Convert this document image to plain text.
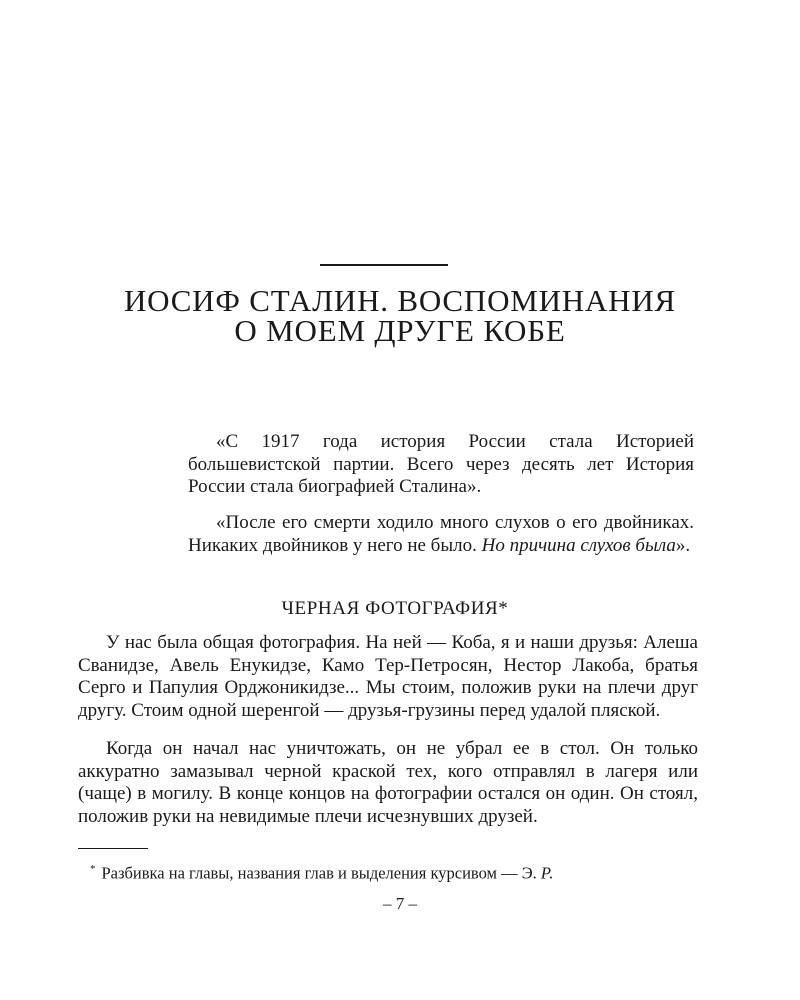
ИОСИФ СТАЛИН. ВОСПОМИНАНИЯ
О МОЕМ ДРУГЕ КОБЕ

«С 1917 года история России стала Историей большевистской партии. Всего через десять лет История России стала биографией Сталина».

«После его смерти ходило много слухов о его двойниках. Никаких двойников у него не было. Но причина слухов была».

ЧЕРНАЯ ФОТОГРАФИЯ*

У нас была общая фотография. На ней — Коба, я и наши друзья: Алеша Сванидзе, Авель Енукидзе, Камо Тер-Петросян, Нестор Лакоба, братья Серго и Папулия Орджоникидзе... Мы стоим, положив руки на плечи друг другу. Стоим одной шеренгой — друзья-грузины перед удалой пляской.

Когда он начал нас уничтожать, он не убрал ее в стол. Он только аккуратно замазывал черной краской тех, кого отправлял в лагеря или (чаще) в могилу. В конце концов на фотографии остался он один. Он стоял, положив руки на невидимые плечи исчезнувших друзей.

* Разбивка на главы, названия глав и выделения курсивом — Э. Р.

– 7 –
